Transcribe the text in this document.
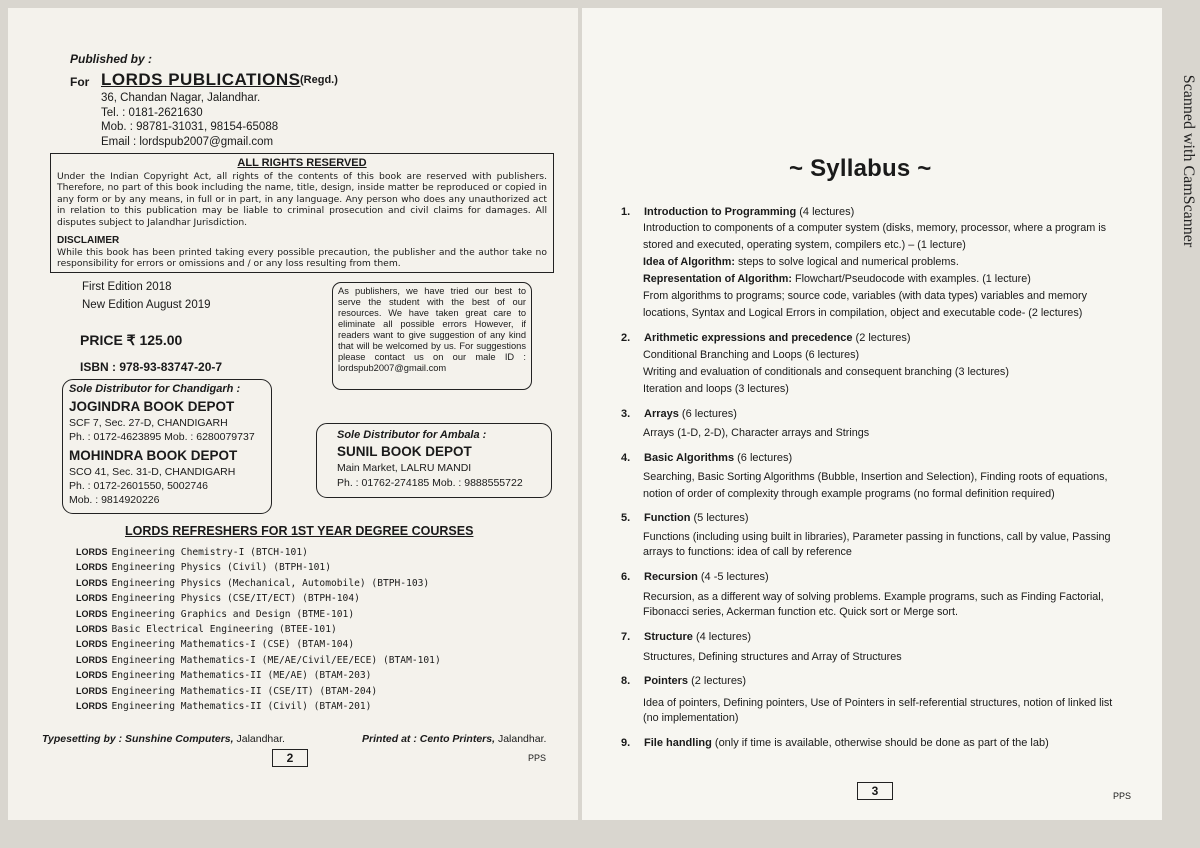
Scanned with CamScanner
Published by :
For LORDS PUBLICATIONS (Regd.)
36, Chandan Nagar, Jalandhar.
Tel. : 0181-2621630
Mob. : 98781-31031, 98154-65088
Email : lordspub2007@gmail.com
ALL RIGHTS RESERVED
Under the Indian Copyright Act, all rights of the contents of this book are reserved with publishers. Therefore, no part of this book including the name, title, design, inside matter be reproduced or copied in any form or by any means, in full or in part, in any language. Any person who does any unauthorized act in relation to this publication may be liable to criminal prosecution and civil claims for damages. All disputes subject to Jalandhar Jurisdiction.
DISCLAIMER
While this book has been printed taking every possible precaution, the publisher and the author take no responsibility for errors or omissions and / or any loss resulting from them.
First Edition 2018
New Edition August 2019
PRICE ₹ 125.00
ISBN : 978-93-83747-20-7
As publishers, we have tried our best to serve the student with the best of our resources. We have taken great care to eliminate all possible errors However, if readers want to give suggestion of any kind that will be welcomed by us. For suggestions please contact us on our male ID : lordspub2007@gmail.com
Sole Distributor for Chandigarh :
JOGINDRA BOOK DEPOT
SCF 7, Sec. 27-D, CHANDIGARH
Ph. : 0172-4623895 Mob. : 6280079737
MOHINDRA BOOK DEPOT
SCO 41, Sec. 31-D, CHANDIGARH
Ph. : 0172-2601550, 5002746
Mob. : 9814920226
Sole Distributor for Ambala :
SUNIL BOOK DEPOT
Main Market, LALRU MANDI
Ph. : 01762-274185 Mob. : 9888555722
LORDS REFRESHERS FOR 1ST YEAR DEGREE COURSES
LORDS Engineering Chemistry-I (BTCH-101)
LORDS Engineering Physics (Civil) (BTPH-101)
LORDS Engineering Physics (Mechanical, Automobile) (BTPH-103)
LORDS Engineering Physics (CSE/IT/ECT) (BTPH-104)
LORDS Engineering Graphics and Design (BTME-101)
LORDS Basic Electrical Engineering (BTEE-101)
LORDS Engineering Mathematics-I (CSE) (BTAM-104)
LORDS Engineering Mathematics-I (ME/AE/Civil/EE/ECE) (BTAM-101)
LORDS Engineering Mathematics-II (ME/AE) (BTAM-203)
LORDS Engineering Mathematics-II (CSE/IT) (BTAM-204)
LORDS Engineering Mathematics-II (Civil) (BTAM-201)
Typesetting by : Sunshine Computers, Jalandhar.	Printed at : Cento Printers, Jalandhar.
2	PPS
~ Syllabus ~
1. Introduction to Programming (4 lectures)
Introduction to components of a computer system (disks, memory, processor, where a program is
stored and executed, operating system, compilers etc.) – (1 lecture)
Idea of Algorithm: steps to solve logical and numerical problems.
Representation of Algorithm: Flowchart/Pseudocode with examples. (1 lecture)
From algorithms to programs; source code, variables (with data types) variables and memory
locations, Syntax and Logical Errors in compilation, object and executable code- (2 lectures)
2. Arithmetic expressions and precedence (2 lectures)
Conditional Branching and Loops (6 lectures)
Writing and evaluation of conditionals and consequent branching (3 lectures)
Iteration and loops (3 lectures)
3. Arrays (6 lectures)
Arrays (1-D, 2-D), Character arrays and Strings
4. Basic Algorithms (6 lectures)
Searching, Basic Sorting Algorithms (Bubble, Insertion and Selection), Finding roots of equations,
notion of order of complexity through example programs (no formal definition required)
5. Function (5 lectures)
Functions (including using built in libraries), Parameter passing in functions, call by value, Passing
arrays to functions: idea of call by reference
6. Recursion (4 -5 lectures)
Recursion, as a different way of solving problems. Example programs, such as Finding Factorial,
Fibonacci series, Ackerman function etc. Quick sort or Merge sort.
7. Structure (4 lectures)
Structures, Defining structures and Array of Structures
8. Pointers (2 lectures)
Idea of pointers, Defining pointers, Use of Pointers in self-referential structures, notion of linked list
(no implementation)
9. File handling (only if time is available, otherwise should be done as part of the lab)
3	PPS
